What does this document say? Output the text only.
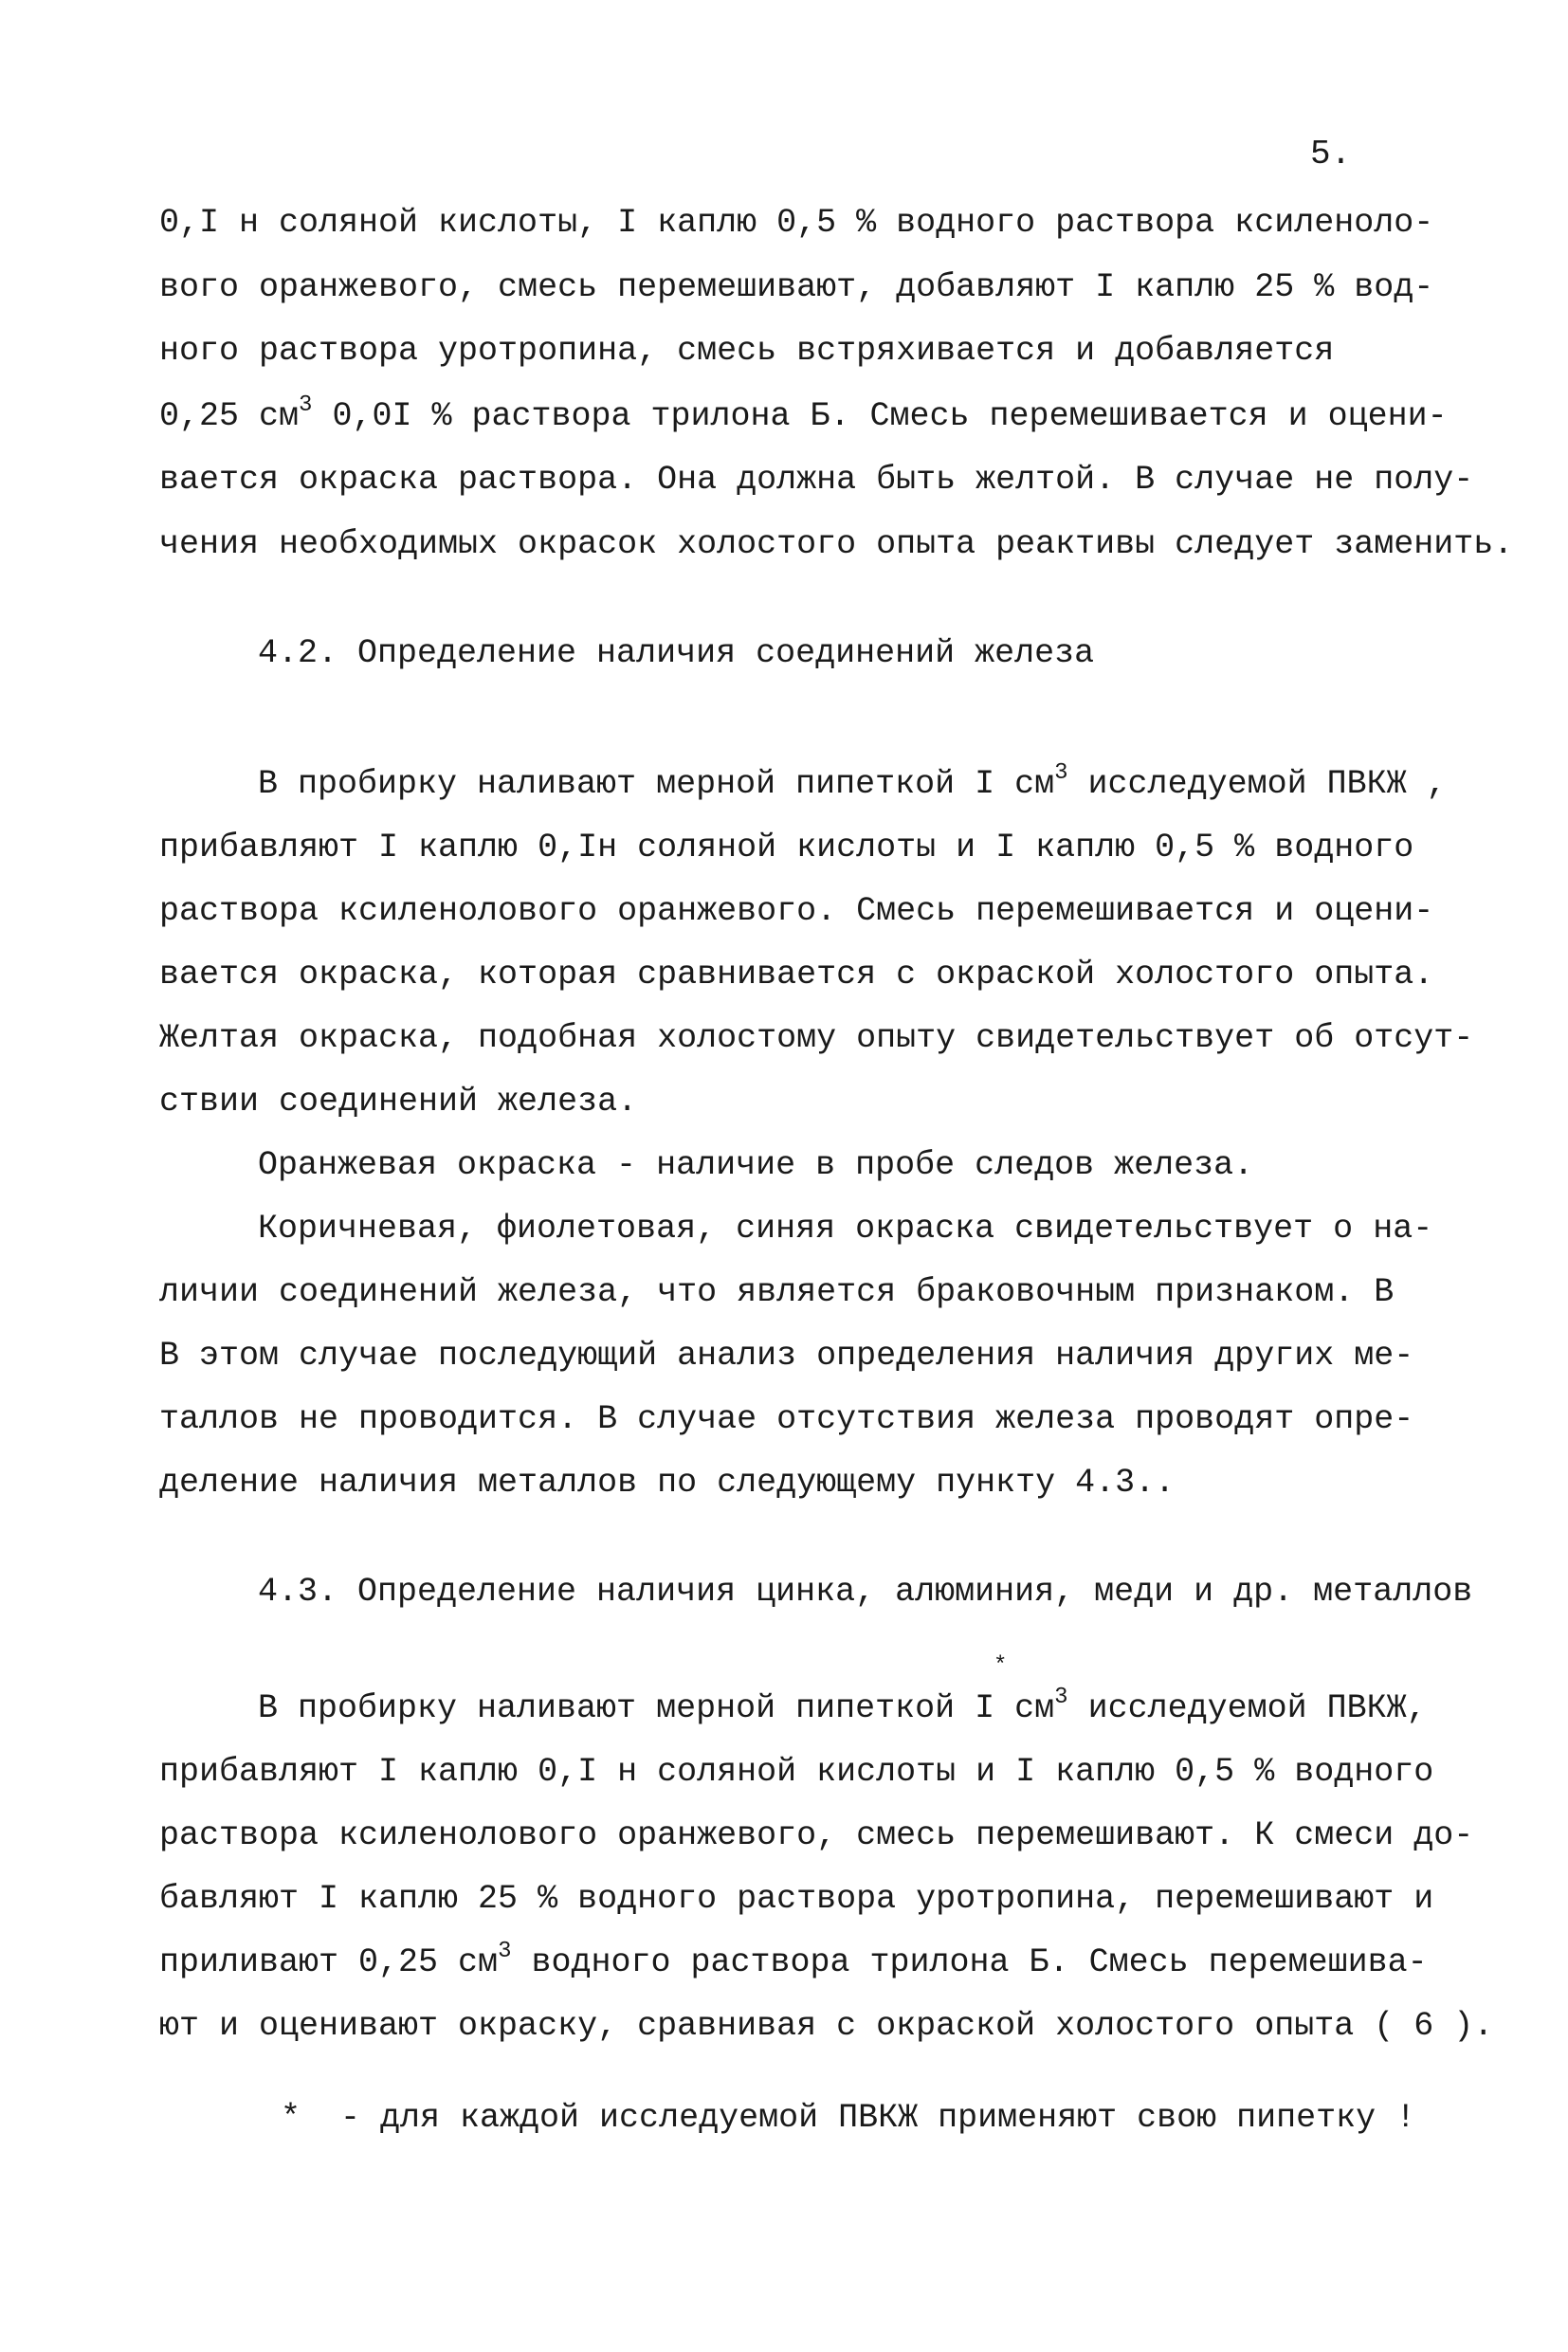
5.
0,I н соляной кислоты, I каплю 0,5 % водного раствора ксиленоло-
вого оранжевого, смесь перемешивают, добавляют I каплю 25 % вод-
ного раствора уротропина, смесь встряхивается и добавляется
0,25 $см^3$ 0,0I % раствора трилона Б. Смесь перемешивается и оцени-
вается окраска раствора. Она должна быть желтой. В случае не полу-
чения необходимых окрасок холостого опыта реактивы следует заменить.
4.2. Определение наличия соединений железа
В пробирку наливают мерной пипеткой I $см^3$ исследуемой ПВКЖ ,
прибавляют I каплю 0,Iн соляной кислоты и I каплю 0,5 % водного
раствора ксиленолового оранжевого. Смесь перемешивается и оцени-
вается окраска, которая сравнивается с окраской холостого опыта.
Желтая окраска, подобная холостому опыту свидетельствует об отсут-
ствии соединений железа.
Оранжевая окраска - наличие в пробе следов железа.
Коричневая, фиолетовая, синяя окраска свидетельствует о на-
личии соединений железа, что является браковочным признаком. В
В этом случае последующий анализ определения наличия других ме-
таллов не проводится. В случае отсутствия железа проводят опре-
деление наличия металлов по следующему пункту 4.3..
4.3. Определение наличия цинка, алюминия, меди и др. металлов
*
В пробирку наливают мерной пипеткой I $см^3$ исследуемой ПВКЖ,
прибавляют I каплю 0,I н соляной кислоты и I каплю 0,5 % водного
раствора ксиленолового оранжевого, смесь перемешивают. К смеси до-
бавляют I каплю 25 % водного раствора уротропина, перемешивают и
приливают 0,25 $см^3$ водного раствора трилона Б. Смесь перемешива-
ют и оценивают окраску, сравнивая с окраской холостого опыта ( 6 ).
*  - для каждой исследуемой ПВКЖ применяют свою пипетку !
